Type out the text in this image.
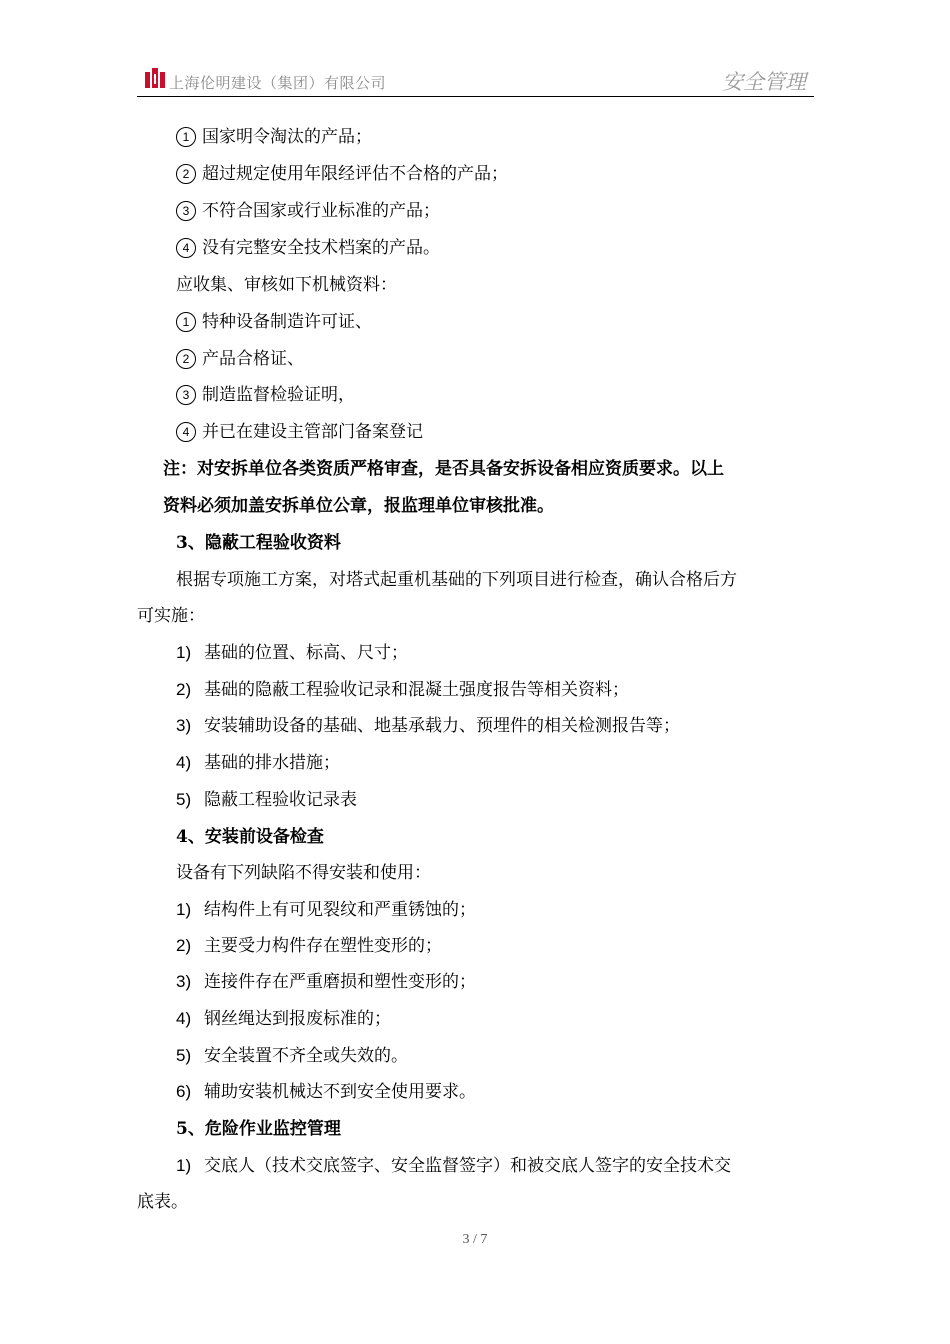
上海伦明建设（集团）有限公司	安全管理
1 国家明令淘汰的产品；
2 超过规定使用年限经评估不合格的产品；
3 不符合国家或行业标准的产品；
4 没有完整安全技术档案的产品。
应收集、审核如下机械资料：
1 特种设备制造许可证、
2 产品合格证、
3 制造监督检验证明，
4 并已在建设主管部门备案登记
注：对安拆单位各类资质严格审查，是否具备安拆设备相应资质要求。以上
资料必须加盖安拆单位公章，报监理单位审核批准。
3、隐蔽工程验收资料
根据专项施工方案，对塔式起重机基础的下列项目进行检查，确认合格后方
可实施：
1) 基础的位置、标高、尺寸；
2) 基础的隐蔽工程验收记录和混凝土强度报告等相关资料；
3) 安装辅助设备的基础、地基承载力、预埋件的相关检测报告等；
4) 基础的排水措施；
5) 隐蔽工程验收记录表
4、安装前设备检查
设备有下列缺陷不得安装和使用：
1) 结构件上有可见裂纹和严重锈蚀的；
2) 主要受力构件存在塑性变形的；
3) 连接件存在严重磨损和塑性变形的；
4) 钢丝绳达到报废标准的；
5) 安全装置不齐全或失效的。
6) 辅助安装机械达不到安全使用要求。
5、危险作业监控管理
1) 交底人（技术交底签字、安全监督签字）和被交底人签字的安全技术交
底表。
3 / 7
